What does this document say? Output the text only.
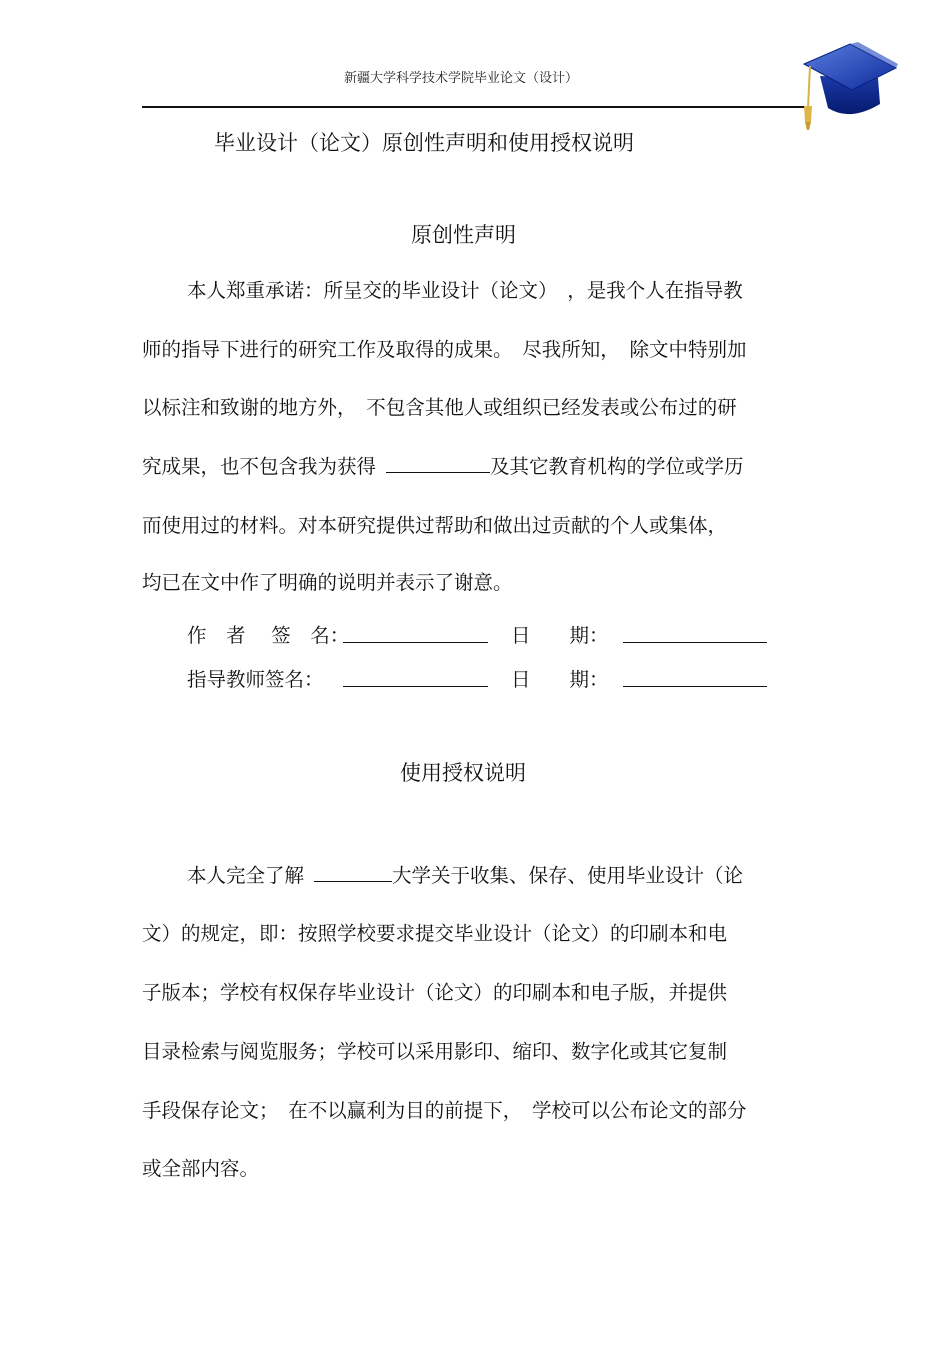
新疆大学科学技术学院毕业论文（设计）
毕业设计（论文）原创性声明和使用授权说明
原创性声明
本人郑重承诺：所呈交的毕业设计（论文）　，是我个人在指导教
师的指导下进行的研究工作及取得的成果。　尽我所知，　除文中特别加
以标注和致谢的地方外，　不包含其他人或组织已经发表或公布过的研
究成果，也不包含我为获得	及其它教育机构的学位或学历
而使用过的材料。对本研究提供过帮助和做出过贡献的个人或集体，
均已在文中作了明确的说明并表示了谢意。
作　者　 签　名：	日　　期：
指导教师签名：	日　　期：
使用授权说明
本人完全了解	大学关于收集、保存、使用毕业设计（论
文）的规定，即：按照学校要求提交毕业设计（论文）的印刷本和电
子版本；学校有权保存毕业设计（论文）的印刷本和电子版，并提供
目录检索与阅览服务；学校可以采用影印、缩印、数字化或其它复制
手段保存论文；　在不以赢利为目的前提下，　学校可以公布论文的部分
或全部内容。
